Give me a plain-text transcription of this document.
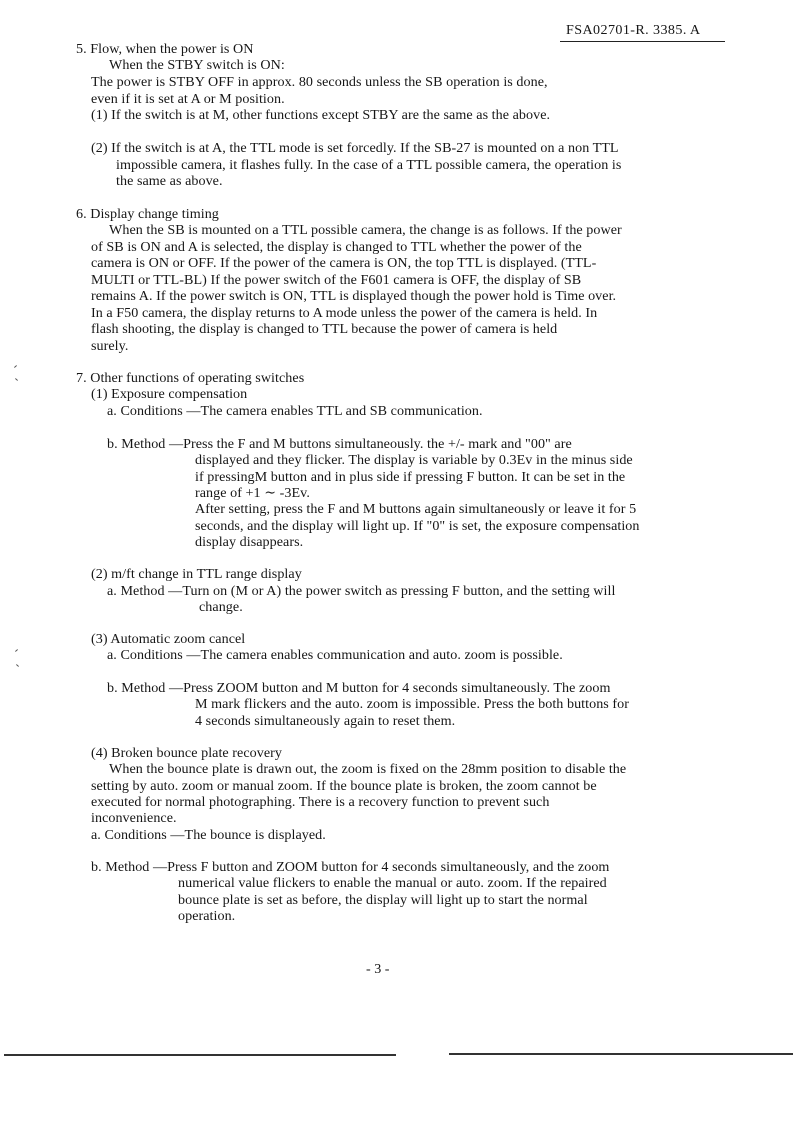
FSA02701-R. 3385. A
5. Flow, when the power is ON
When the STBY switch is ON:
The power is STBY OFF in approx. 80 seconds unless the SB operation is done,
even if it is set at A or M position.
(1) If the switch is at M, other functions except STBY are the same as the above.
(2) If the switch is at A, the TTL mode is set forcedly. If the SB-27 is mounted on a non TTL
impossible camera, it flashes fully. In the case of a TTL possible camera, the operation is
the same as above.
6. Display change timing
When the SB is mounted on a TTL possible camera, the change is as follows. If the power
of SB is ON and A is selected, the display is changed to TTL whether the power of the
camera is ON or OFF. If the power of the camera is ON, the top TTL is displayed. (TTL-
MULTI or TTL-BL) If the power switch of the F601 camera is OFF, the display of SB
remains A. If the power switch is ON, TTL is displayed though the power hold is Time over.
In a F50 camera, the display returns to A mode unless the power of the camera is held. In
flash shooting, the display is changed to TTL because the power of camera is held
surely.
7. Other functions of operating switches
(1) Exposure compensation
a. Conditions —The camera enables TTL and SB communication.
b. Method —Press the F and M buttons simultaneously. the +/- mark and "00" are
displayed and they flicker. The display is variable by 0.3Ev in the minus side
if pressingM button and in plus side if pressing F button. It can be set in the
range of +1 ∼ -3Ev.
After setting, press the F and M buttons again simultaneously or leave it for 5
seconds, and the display will light up. If "0" is set, the exposure compensation
display disappears.
(2) m/ft change in TTL range display
a. Method —Turn on (M or A) the power switch as pressing F button, and the setting will
change.
(3) Automatic zoom cancel
a. Conditions —The camera enables communication and auto. zoom is possible.
b. Method —Press ZOOM button and M button for 4 seconds simultaneously. The zoom
M mark flickers and the auto. zoom is impossible. Press the both buttons for
4 seconds simultaneously again to reset them.
(4) Broken bounce plate recovery
When the bounce plate is drawn out, the zoom is fixed on the 28mm position to disable the
setting by auto. zoom or manual zoom. If the bounce plate is broken, the zoom cannot be
executed for normal photographing. There is a recovery function to prevent such
inconvenience.
a. Conditions —The bounce is displayed.
b. Method —Press F button and ZOOM button for 4 seconds simultaneously, and the zoom
numerical value flickers to enable the manual or auto. zoom. If the repaired
bounce plate is set as before, the display will light up to start the normal
operation.
- 3 -
